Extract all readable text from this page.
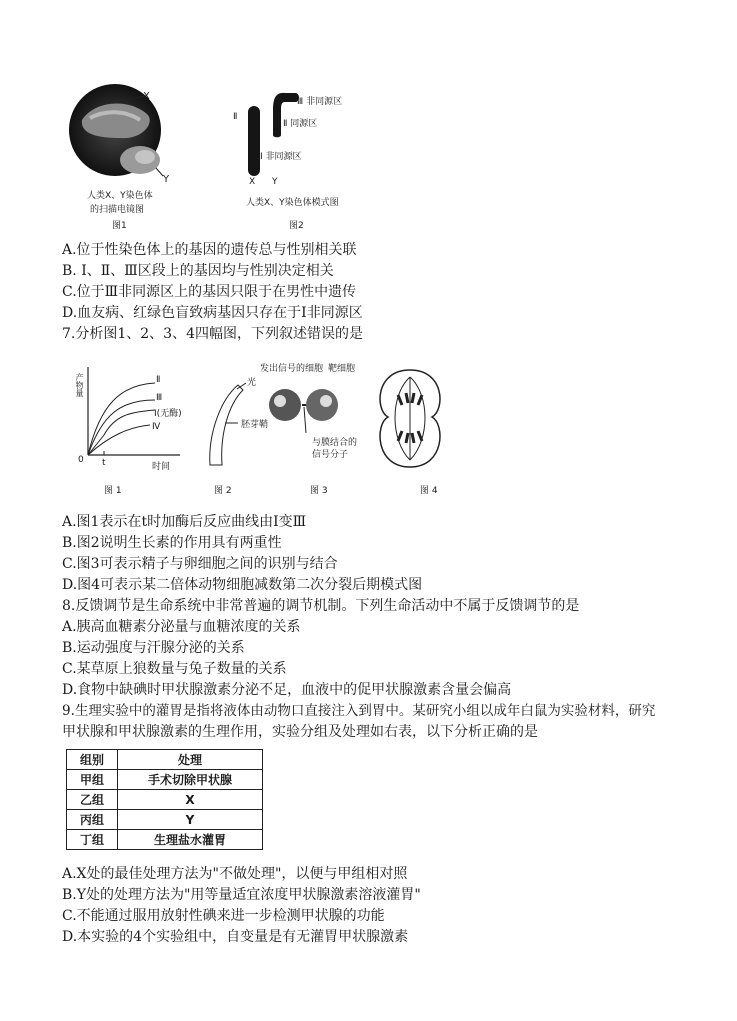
X
Y
人类X、Y染色体
的扫描电镜图
图1
Ⅲ 非同源区
Ⅱ
Ⅱ 同源区
Ⅰ 非同源区
X Y
人类X、Y染色体模式图
图2
A.位于性染色体上的基因的遗传总与性别相关联
B. Ⅰ、Ⅱ、Ⅲ区段上的基因均与性别决定相关
C.位于Ⅲ非同源区上的基因只限于在男性中遗传
D.血友病、红绿色盲致病基因只存在于Ⅰ非同源区
7.分析图1、2、3、4四幅图，下列叙述错误的是
产物量	Ⅱ
Ⅲ
Ⅰ(无酶)
Ⅳ
0 t	时间
图 1
光
胚芽鞘
图 2
发出信号的细胞 靶细胞
与膜结合的
信号分子
图 3	图 4
A.图1表示在t时加酶后反应曲线由Ⅰ变Ⅲ
B.图2说明生长素的作用具有两重性
C.图3可表示精子与卵细胞之间的识别与结合
D.图4可表示某二倍体动物细胞减数第二次分裂后期模式图
8.反馈调节是生命系统中非常普遍的调节机制。下列生命活动中不属于反馈调节的是
A.胰高血糖素分泌量与血糖浓度的关系
B.运动强度与汗腺分泌的关系
C.某草原上狼数量与兔子数量的关系
D.食物中缺碘时甲状腺激素分泌不足，血液中的促甲状腺激素含量会偏高
9.生理实验中的灌胃是指将液体由动物口直接注入到胃中。某研究小组以成年白鼠为实验材料，研究
甲状腺和甲状腺激素的生理作用，实验分组及处理如右表，以下分析正确的是
组别	处理
甲组	手术切除甲状腺
乙组	X
丙组	Y
丁组	生理盐水灌胃
A.X处的最佳处理方法为"不做处理"，以便与甲组相对照
B.Y处的处理方法为"用等量适宜浓度甲状腺激素溶液灌胃"
C.不能通过服用放射性碘来进一步检测甲状腺的功能
D.本实验的4个实验组中，自变量是有无灌胃甲状腺激素
